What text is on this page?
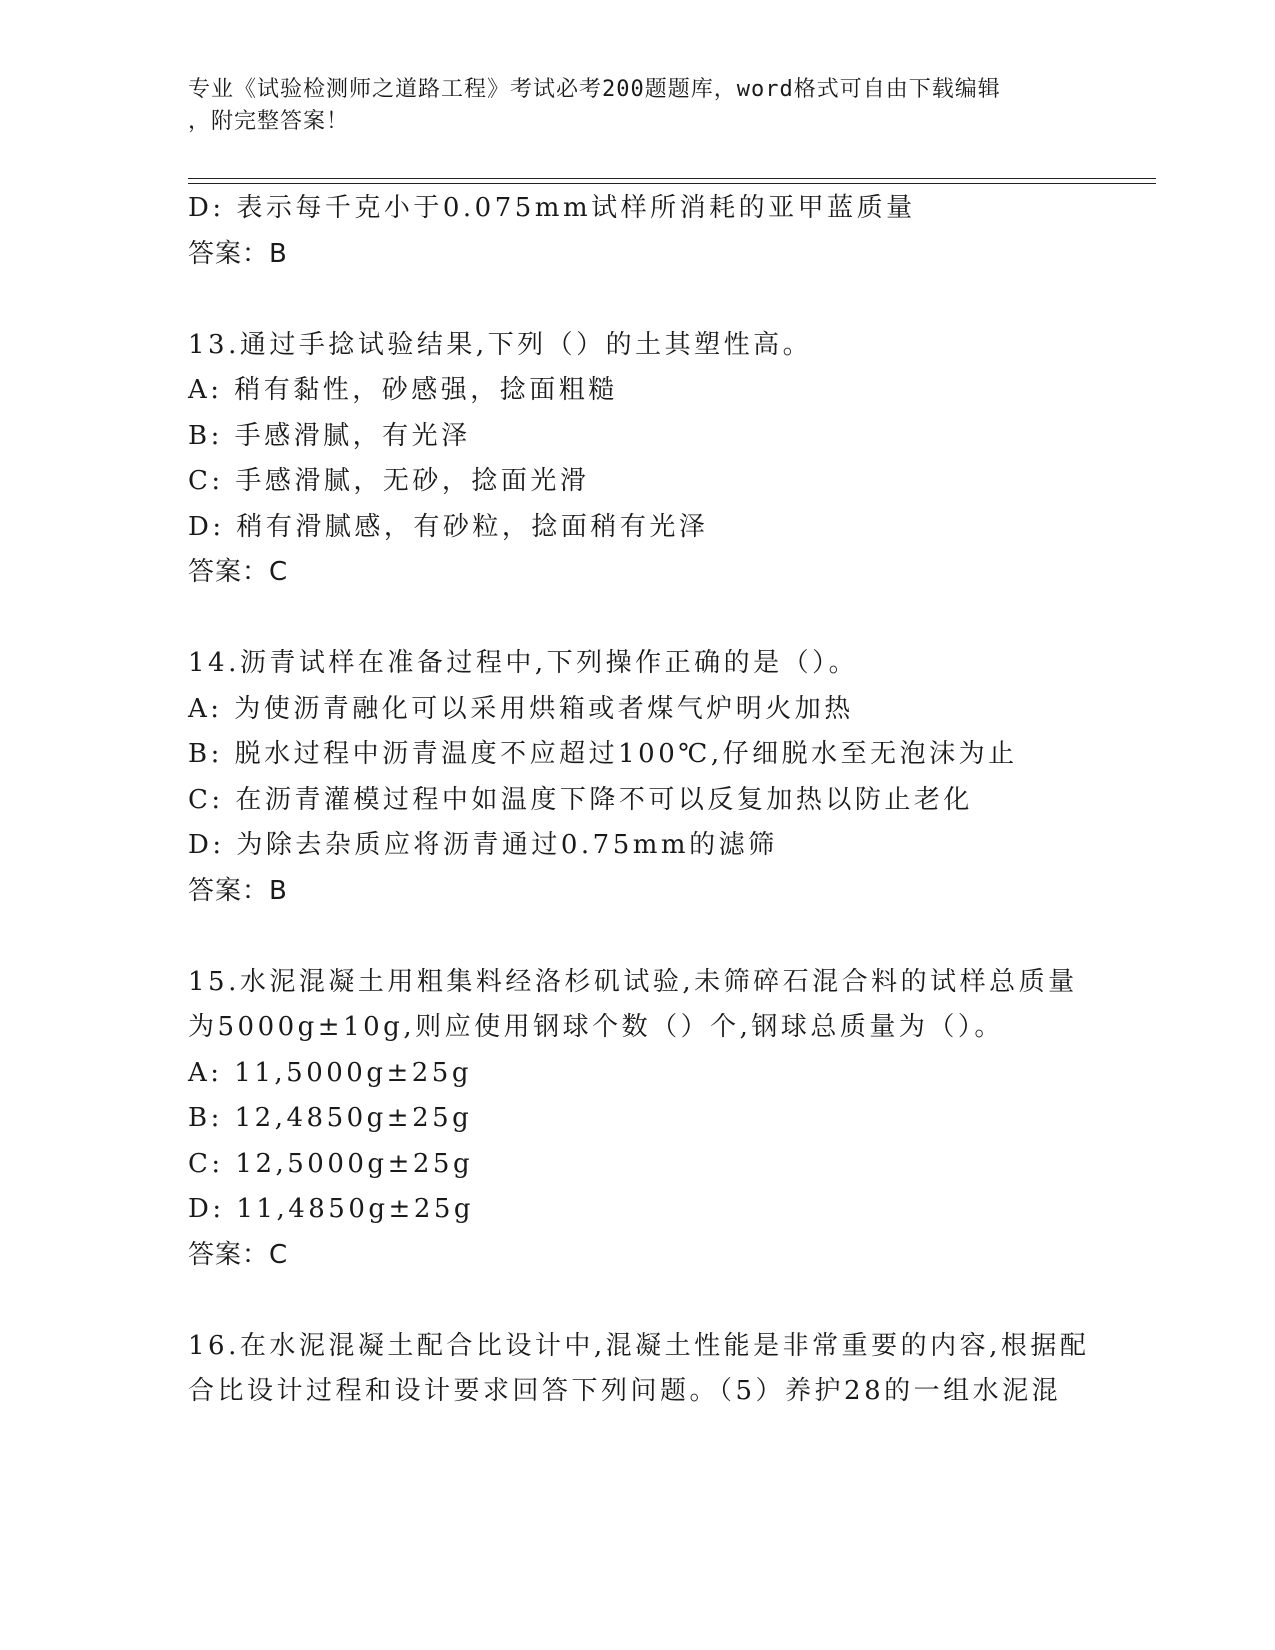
专业《试验检测师之道路工程》考试必考200题题库，word格式可自由下载编辑
，附完整答案！
D: 表示每千克小于0.075mm试样所消耗的亚甲蓝质量
答案：B
13.通过手捻试验结果,下列（）的土其塑性高。
A: 稍有黏性，砂感强，捻面粗糙
B: 手感滑腻，有光泽
C: 手感滑腻，无砂，捻面光滑
D: 稍有滑腻感，有砂粒，捻面稍有光泽
答案：C
14.沥青试样在准备过程中,下列操作正确的是（）。
A: 为使沥青融化可以采用烘箱或者煤气炉明火加热
B: 脱水过程中沥青温度不应超过100℃,仔细脱水至无泡沫为止
C: 在沥青灌模过程中如温度下降不可以反复加热以防止老化
D: 为除去杂质应将沥青通过0.75mm的滤筛
答案：B
15.水泥混凝土用粗集料经洛杉矶试验,未筛碎石混合料的试样总质量
为5000g±10g,则应使用钢球个数（）个,钢球总质量为（）。
A: 11,5000g±25g
B: 12,4850g±25g
C: 12,5000g±25g
D: 11,4850g±25g
答案：C
16.在水泥混凝土配合比设计中,混凝土性能是非常重要的内容,根据配
合比设计过程和设计要求回答下列问题。（5）养护28的一组水泥混
